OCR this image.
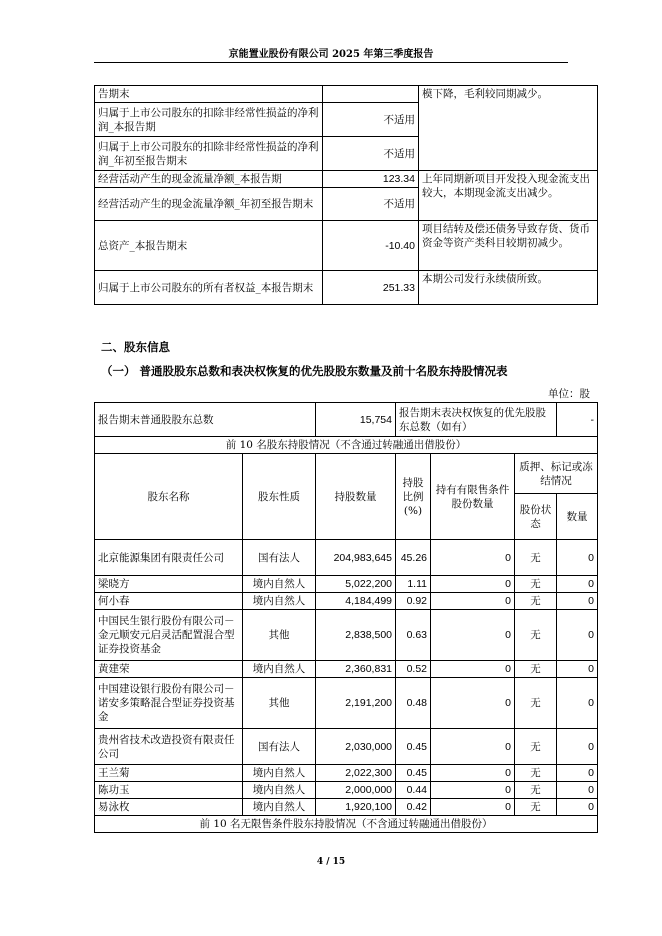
京能置业股份有限公司 2025 年第三季度报告
告期末		模下降，毛利较同期减少。
归属于上市公司股东的扣除非经常性损益的净利润_本报告期	不适用	
归属于上市公司股东的扣除非经常性损益的净利润_年初至报告期末	不适用	
经营活动产生的现金流量净额_本报告期	123.34	上年同期新项目开发投入现金流支出较大，本期现金流支出减少。
经营活动产生的现金流量净额_年初至报告期末	不适用	
总资产_本报告期末	-10.40	项目结转及偿还债务导致存货、货币资金等资产类科目较期初减少。
归属于上市公司股东的所有者权益_本报告期末	251.33	本期公司发行永续债所致。
二、股东信息
（一） 普通股股东总数和表决权恢复的优先股股东数量及前十名股东持股情况表
单位：股
报告期末普通股股东总数		15,754	报告期末表决权恢复的优先股股东总数（如有）			-
前 10 名股东持股情况（不含通过转融通出借股份）						
股东名称	股东性质	持股数量	持股比例(%)	持有有限售条件股份数量	质押、标记或冻结情况	
					股份状态	数量
北京能源集团有限责任公司	国有法人	204,983,645	45.26	0	无	0
梁晓方	境内自然人	5,022,200	1.11	0	无	0
何小春	境内自然人	4,184,499	0.92	0	无	0
中国民生银行股份有限公司－金元顺安元启灵活配置混合型证券投资基金	其他	2,838,500	0.63	0	无	0
黄建荣	境内自然人	2,360,831	0.52	0	无	0
中国建设银行股份有限公司－诺安多策略混合型证券投资基金	其他	2,191,200	0.48	0	无	0
贵州省技术改造投资有限责任公司	国有法人	2,030,000	0.45	0	无	0
王兰菊	境内自然人	2,022,300	0.45	0	无	0
陈功玉	境内自然人	2,000,000	0.44	0	无	0
易泳枚	境内自然人	1,920,100	0.42	0	无	0
前 10 名无限售条件股东持股情况（不含通过转融通出借股份）						
4 / 15
